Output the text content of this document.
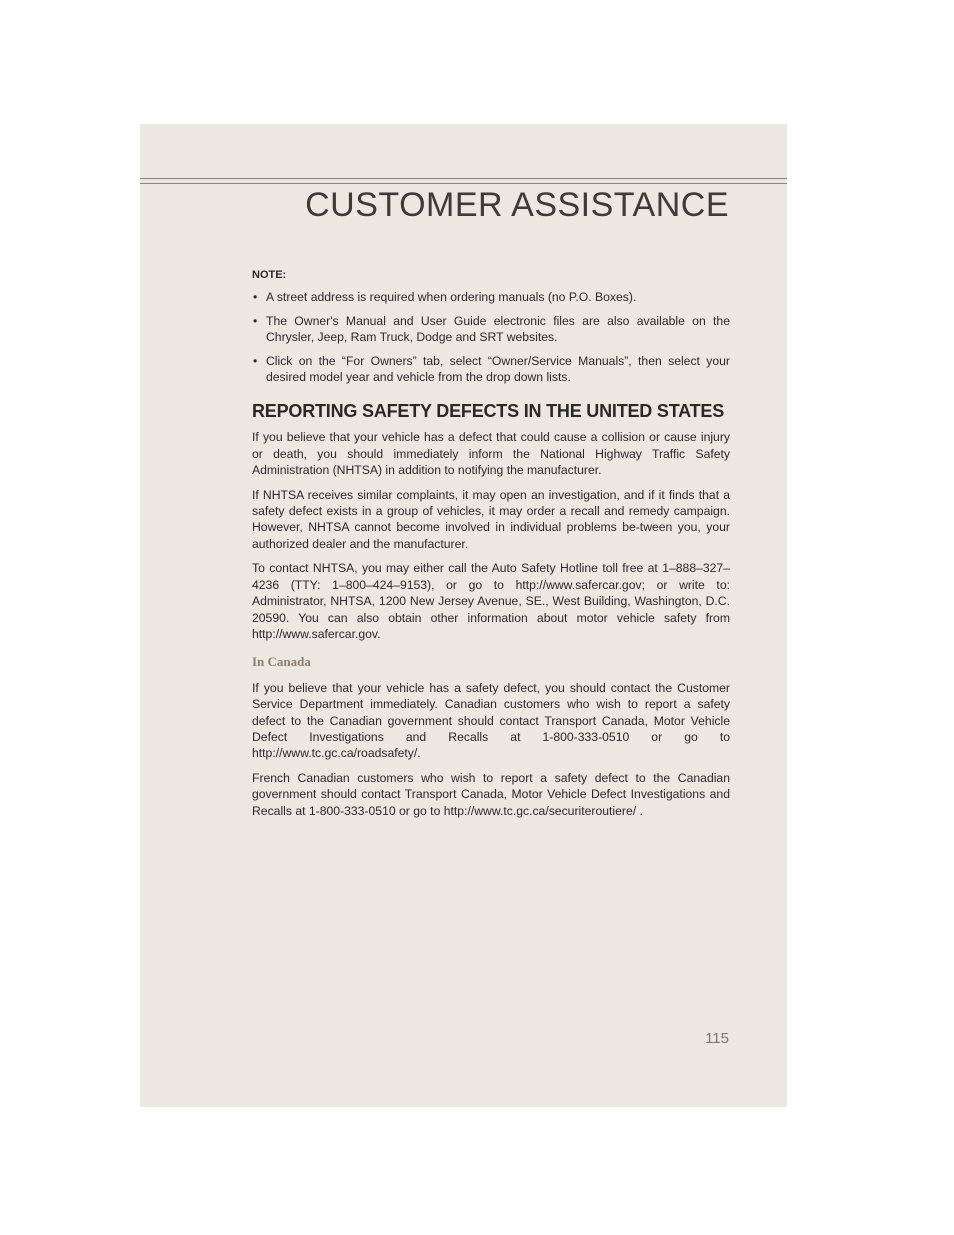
CUSTOMER ASSISTANCE
NOTE:
• A street address is required when ordering manuals (no P.O. Boxes).
• The Owner's Manual and User Guide electronic files are also available on the Chrysler, Jeep, Ram Truck, Dodge and SRT websites.
• Click on the “For Owners” tab, select “Owner/Service Manuals”, then select your desired model year and vehicle from the drop down lists.
REPORTING SAFETY DEFECTS IN THE UNITED STATES

If you believe that your vehicle has a defect that could cause a collision or cause injury or death, you should immediately inform the National Highway Traffic Safety Administration (NHTSA) in addition to notifying the manufacturer.

If NHTSA receives similar complaints, it may open an investigation, and if it finds that a safety defect exists in a group of vehicles, it may order a recall and remedy campaign. However, NHTSA cannot become involved in individual problems be-tween you, your authorized dealer and the manufacturer.

To contact NHTSA, you may either call the Auto Safety Hotline toll free at 1–888–327–4236 (TTY: 1–800–424–9153), or go to http://www.safercar.gov; or write to: Administrator, NHTSA, 1200 New Jersey Avenue, SE., West Building, Washington, D.C. 20590. You can also obtain other information about motor vehicle safety from http://www.safercar.gov.

In Canada

If you believe that your vehicle has a safety defect, you should contact the Customer Service Department immediately. Canadian customers who wish to report a safety defect to the Canadian government should contact Transport Canada, Motor Vehicle Defect Investigations and Recalls at 1-800-333-0510 or go to http://www.tc.gc.ca/roadsafety/.

French Canadian customers who wish to report a safety defect to the Canadian government should contact Transport Canada, Motor Vehicle Defect Investigations and Recalls at 1-800-333-0510 or go to http://www.tc.gc.ca/securiteroutiere/ .

115
